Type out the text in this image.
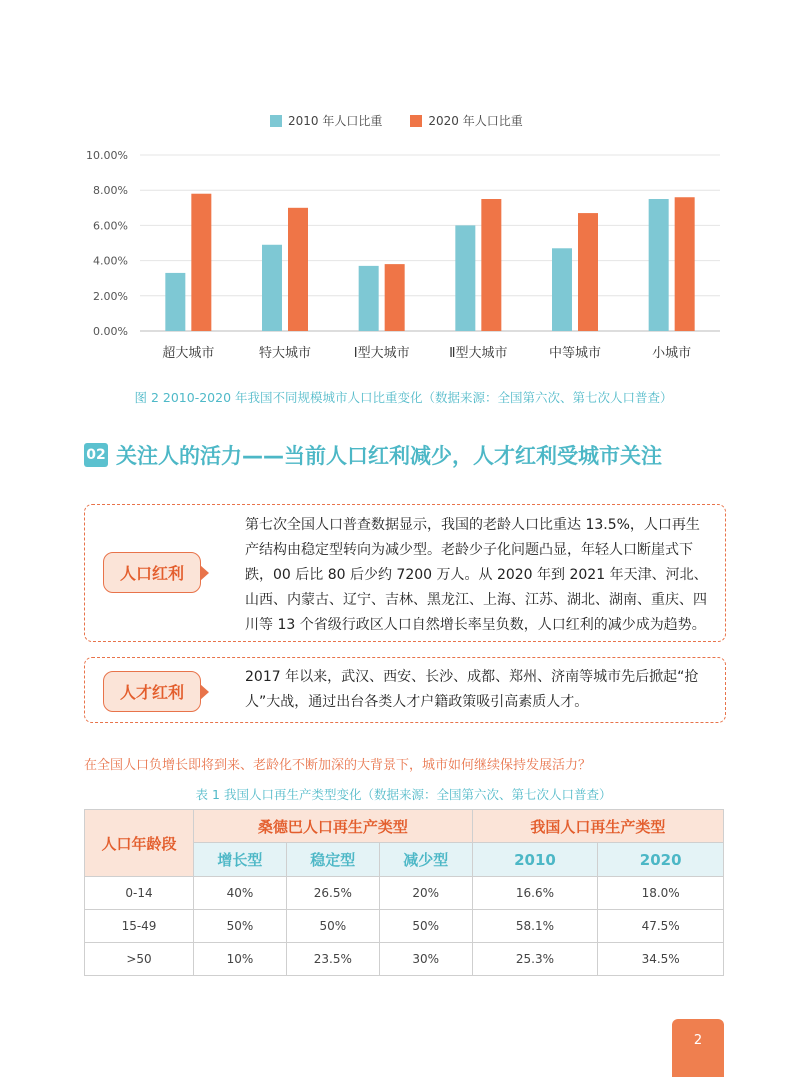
2010 年人口比重	2020 年人口比重
10.00%
8.00%
6.00%
4.00%
2.00%
0.00%
超大城市	特大城市	Ⅰ型大城市	Ⅱ型大城市	中等城市	小城市
图 2 2010-2020 年我国不同规模城市人口比重变化（数据来源：全国第六次、第七次人口普查）
02 关注人的活力——当前人口红利减少，人才红利受城市关注
人口红利
第七次全国人口普查数据显示，我国的老龄人口比重达 13.5%，人口再生产结构由稳定型转向为减少型。老龄少子化问题凸显，年轻人口断崖式下跌，00 后比 80 后少约 7200 万人。从 2020 年到 2021 年天津、河北、山西、内蒙古、辽宁、吉林、黑龙江、上海、江苏、湖北、湖南、重庆、四川等 13 个省级行政区人口自然增长率呈负数，人口红利的减少成为趋势。
人才红利
2017 年以来，武汉、西安、长沙、成都、郑州、济南等城市先后掀起“抢人”大战，通过出台各类人才户籍政策吸引高素质人才。
在全国人口负增长即将到来、老龄化不断加深的大背景下，城市如何继续保持发展活力？
表 1 我国人口再生产类型变化（数据来源：全国第六次、第七次人口普查）
人口年龄段	桑德巴人口再生产类型			我国人口再生产类型	
	增长型	稳定型	减少型	2010	2020
0-14	40%	26.5%	20%	16.6%	18.0%
15-49	50%	50%	50%	58.1%	47.5%
>50	10%	23.5%	30%	25.3%	34.5%
2
